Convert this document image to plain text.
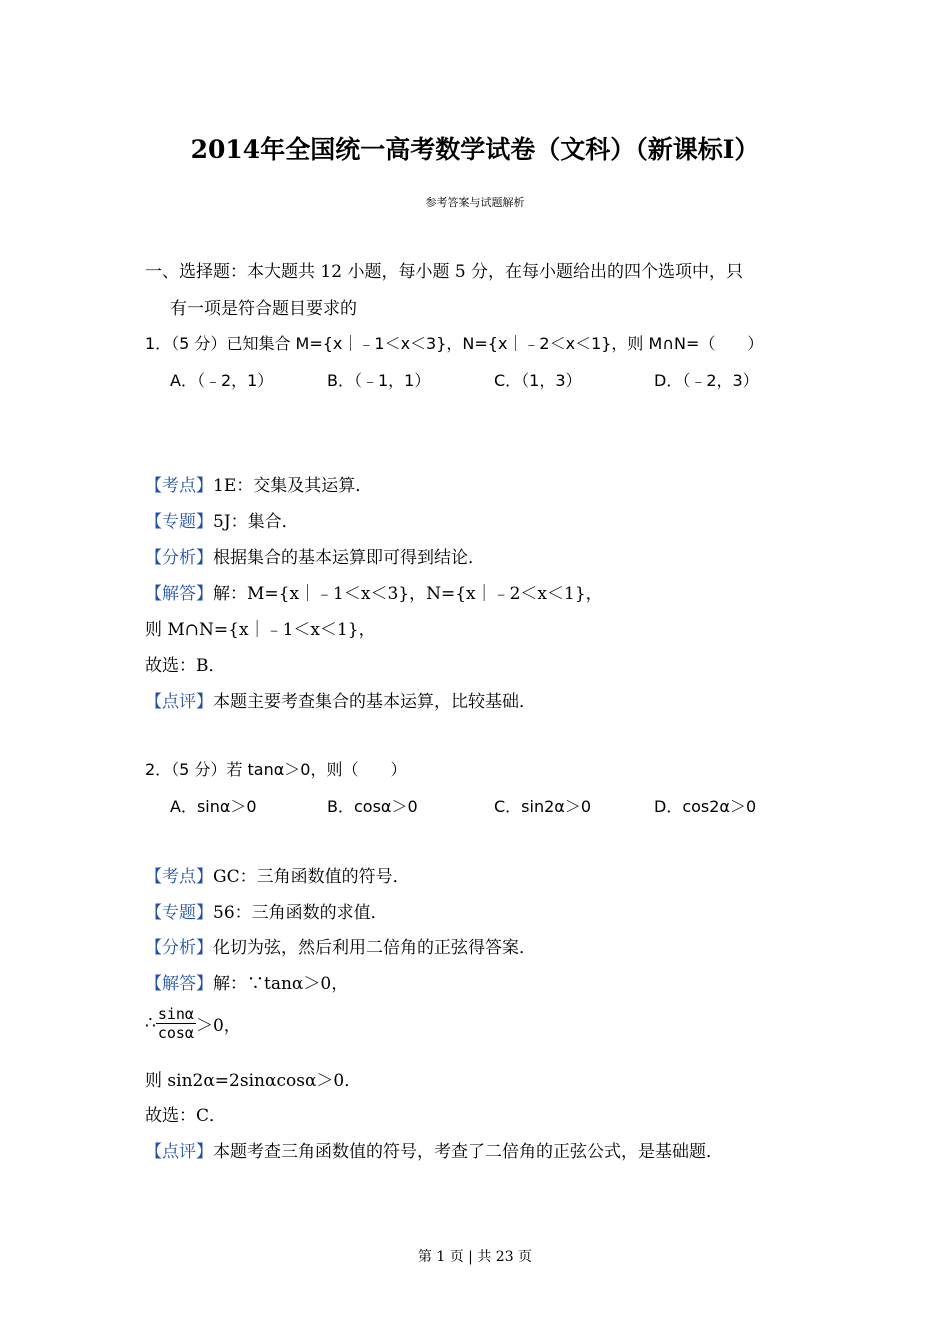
2014年全国统一高考数学试卷（文科）（新课标Ⅰ）
参考答案与试题解析
一、选择题：本大题共 12 小题，每小题 5 分，在每小题给出的四个选项中，只
有一项是符合题目要求的
1．（5 分）已知集合 M={x｜﹣1＜x＜3}，N={x｜﹣2＜x＜1}，则 M∩N=（　　）
A．（﹣2，1）	B．（﹣1，1）	C．（1，3）	D．（﹣2，3）
【考点】1E：交集及其运算．
【专题】5J：集合．
【分析】根据集合的基本运算即可得到结论．
【解答】解：M={x｜﹣1＜x＜3}，N={x｜﹣2＜x＜1}，
则 M∩N={x｜﹣1＜x＜1}，
故选：B．
【点评】本题主要考查集合的基本运算，比较基础．
2．（5 分）若 tanα＞0，则（　　）
A．sinα＞0	B．cosα＞0	C．sin2α＞0	D．cos2α＞0
【考点】GC：三角函数值的符号．
【专题】56：三角函数的求值．
【分析】化切为弦，然后利用二倍角的正弦得答案．
【解答】解：∵tanα＞0，
∴ $\frac{\sin\alpha}{\cos\alpha} >0$，
则 sin2α=2sinαcosα＞0．
故选：C．
【点评】本题考查三角函数值的符号，考查了二倍角的正弦公式，是基础题．
第 1 页 | 共 23 页
